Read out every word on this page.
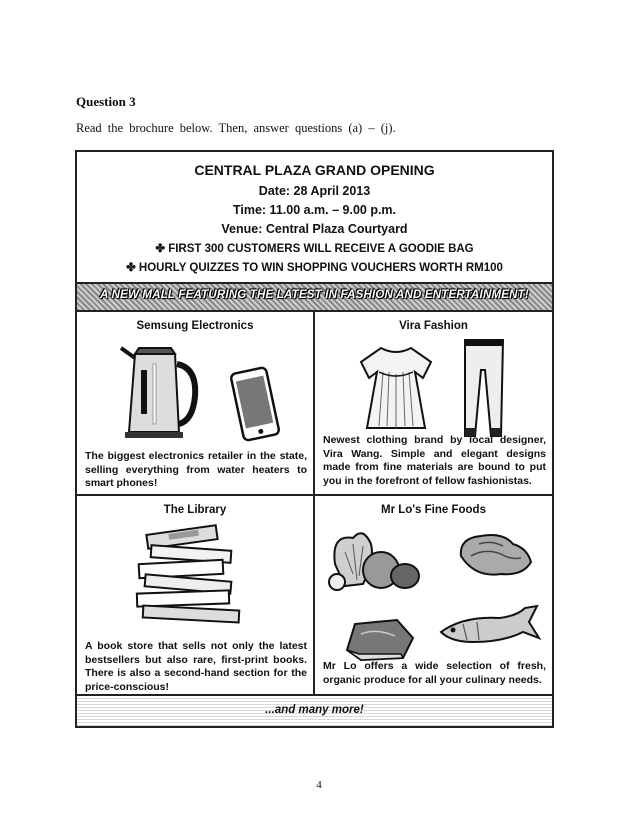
Question 3
Read the brochure below. Then, answer questions (a) – (j).
CENTRAL PLAZA GRAND OPENING
Date: 28 April 2013
Time: 11.00 a.m. – 9.00 p.m.
Venue: Central Plaza Courtyard
✤ FIRST 300 CUSTOMERS WILL RECEIVE A GOODIE BAG
✤ HOURLY QUIZZES TO WIN SHOPPING VOUCHERS WORTH RM100
A NEW MALL FEATURING THE LATEST IN FASHION AND ENTERTAINMENT!
Semsung Electronics
The biggest electronics retailer in the state, selling everything from water heaters to smart phones!
Vira Fashion
Newest clothing brand by local designer, Vira Wang. Simple and elegant designs made from fine materials are bound to put you in the forefront of fellow fashionistas.
The Library
A book store that sells not only the latest bestsellers but also rare, first-print books. There is also a second-hand section for the price-conscious!
Mr Lo's Fine Foods
Mr Lo offers a wide selection of fresh, organic produce for all your culinary needs.
...and many more!
4
